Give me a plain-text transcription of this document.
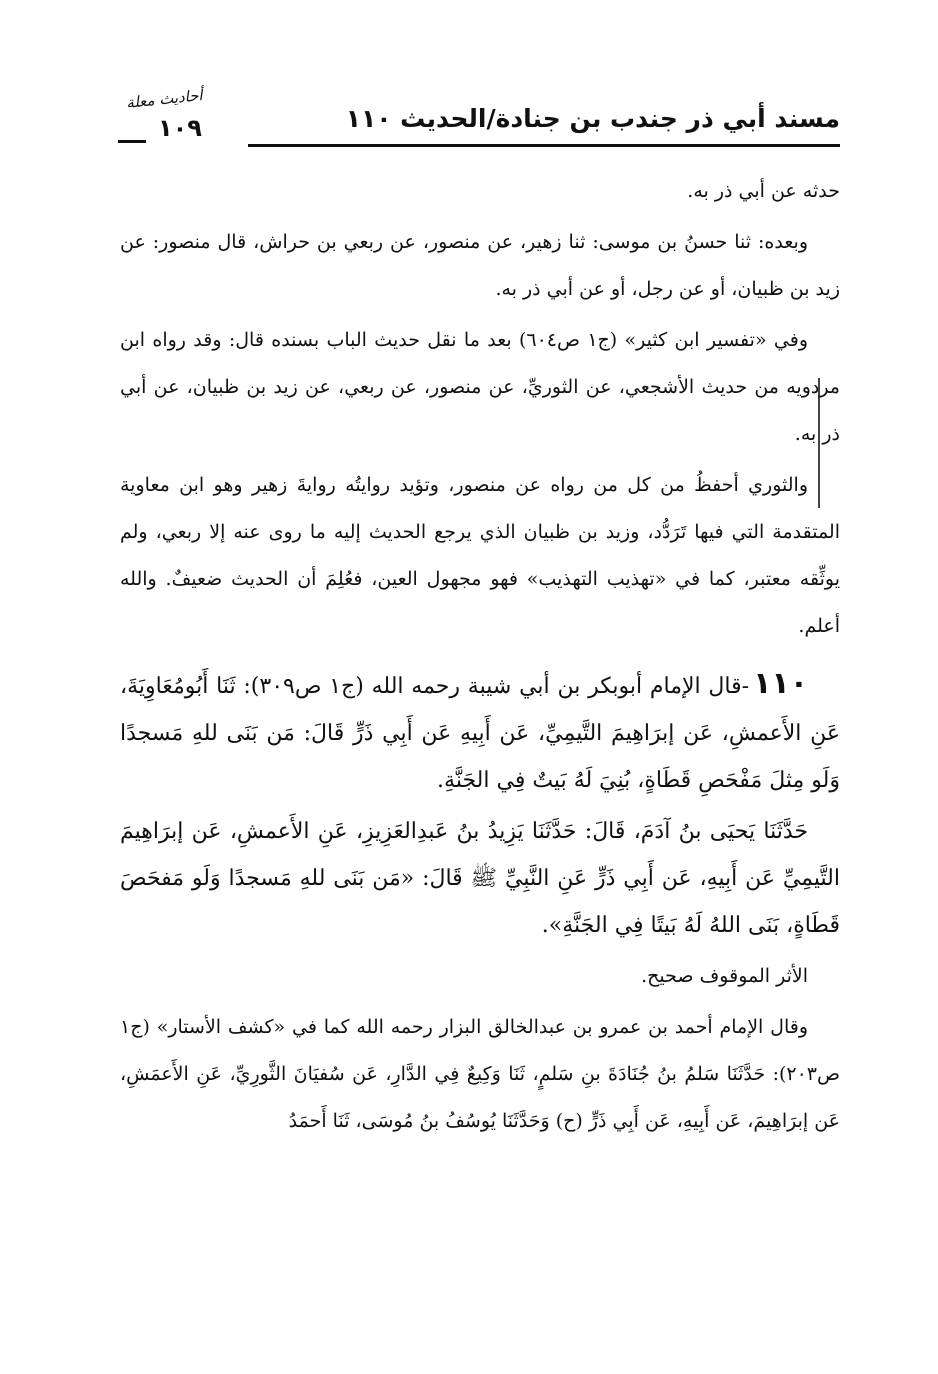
أحاديث معلة
١٠٩	مسند أبي ذر جندب بن جنادة/الحديث ١١٠

حدثه عن أبي ذر به.

وبعده: ثنا حسنُ بن موسى: ثنا زهير، عن منصور، عن ربعي بن حراش، قال منصور: عن زيد بن ظبيان، أو عن رجل، أو عن أبي ذر به.

وفي «تفسير ابن كثير» (ج١ ص٦٠٤) بعد ما نقل حديث الباب بسنده قال: وقد رواه ابن مردويه من حديث الأشجعي، عن الثوريِّ، عن منصور، عن ربعي، عن زيد بن ظبيان، عن أبي ذر به.

والثوري أحفظُ من كل من رواه عن منصور، وتؤيد روايتُه روايةَ زهير وهو ابن معاوية المتقدمة التي فيها تَرَدُّد، وزيد بن ظبيان الذي يرجع الحديث إليه ما روى عنه إلا ربعي، ولم يوثِّقه معتبر، كما في «تهذيب التهذيب» فهو مجهول العين، فعُلِمَ أن الحديث ضعيفٌ. والله أعلم.

١١٠-قال الإمام أبوبكر بن أبي شيبة رحمه الله (ج١ ص٣٠٩): ثَنَا أَبُومُعَاوِيَةَ، عَنِ الأَعمشِ، عَن إبرَاهِيمَ التَّيمِيِّ، عَن أَبِيهِ عَن أَبِي ذَرٍّ قَالَ: مَن بَنَى للهِ مَسجدًا وَلَو مِثلَ مَفْحَصِ قَطَاةٍ، بُنِيَ لَهُ بَيتٌ فِي الجَنَّةِ.

حَدَّثَنَا يَحيَى بنُ آدَمَ، قَالَ: حَدَّثَنَا يَزِيدُ بنُ عَبدِالعَزِيزِ، عَنِ الأَعمشِ، عَن إبرَاهِيمَ التَّيمِيِّ عَن أَبِيهِ، عَن أَبِي ذَرٍّ عَنِ النَّبِيِّ ﷺ قَالَ: «مَن بَنَى للهِ مَسجدًا وَلَو مَفحَصَ قَطَاةٍ، بَنَى اللهُ لَهُ بَيتًا فِي الجَنَّةِ».

الأثر الموقوف صحيح.

وقال الإمام أحمد بن عمرو بن عبدالخالق البزار رحمه الله كما في «كشف الأستار» (ج١ ص٢٠٣): حَدَّثَنَا سَلمُ بنُ جُنَادَةَ بنِ سَلمٍ، ثَنَا وَكِيعٌ فِي الدَّارِ، عَن سُفيَانَ الثَّورِيِّ، عَنِ الأَعمَشِ، عَن إبرَاهِيمَ، عَن أَبِيهِ، عَن أَبِي ذَرٍّ (ح) وَحَدَّثَنَا يُوسُفُ بنُ مُوسَى، ثَنَا أَحمَدُ
